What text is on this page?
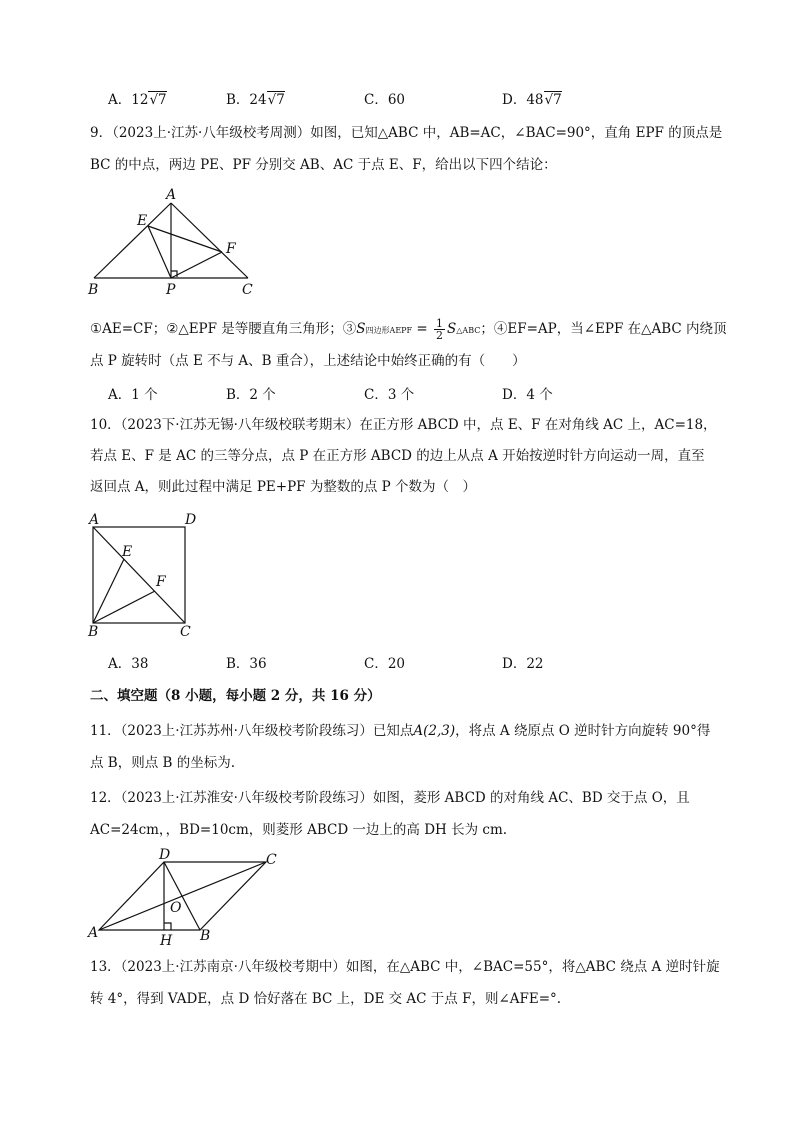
A．12√7	B．24√7	C．60	D．48√7
9．（2023上·江苏·八年级校考周测）如图，已知△ABC 中，AB=AC，∠BAC=90°，直角 EPF 的顶点是
BC 的中点，两边 PE、PF 分别交 AB、AC 于点 E、F，给出以下四个结论：
A
B	C
E
F
P
①AE=CF；②△EPF 是等腰直角三角形；③S四边形AEPF = $\frac{1}{2}$ S△ABC；④EF=AP，当∠EPF 在△ABC 内绕顶
点 P 旋转时（点 E 不与 A、B 重合），上述结论中始终正确的有（　　）
A．1 个	B．2 个	C．3 个	D．4 个
10．（2023下·江苏无锡·八年级校联考期末）在正方形 ABCD 中，点 E、F 在对角线 AC 上，AC=18，
若点 E、F 是 AC 的三等分点，点 P 在正方形 ABCD 的边上从点 A 开始按逆时针方向运动一周，直至
返回点 A，则此过程中满足 PE+PF 为整数的点 P 个数为（　）
A	D
B	C
E
F
A．38	B．36	C．20	D．22
二、填空题（8 小题，每小题 2 分，共 16 分）
11．（2023上·江苏苏州·八年级校考阶段练习）已知点A(2,3)，将点 A 绕原点 O 逆时针方向旋转 90°得
点 B，则点 B 的坐标为.
12．（2023上·江苏淮安·八年级校考阶段练习）如图，菱形 ABCD 的对角线 AC、BD 交于点 O，且
AC=24cm，，BD=10cm，则菱形 ABCD 一边上的高 DH 长为 cm.
D	C
A	B
O
H
13．（2023上·江苏南京·八年级校考期中）如图，在△ABC 中，∠BAC=55°，将△ABC 绕点 A 逆时针旋
转 4°，得到 VADE，点 D 恰好落在 BC 上，DE 交 AC 于点 F，则∠AFE=°.
